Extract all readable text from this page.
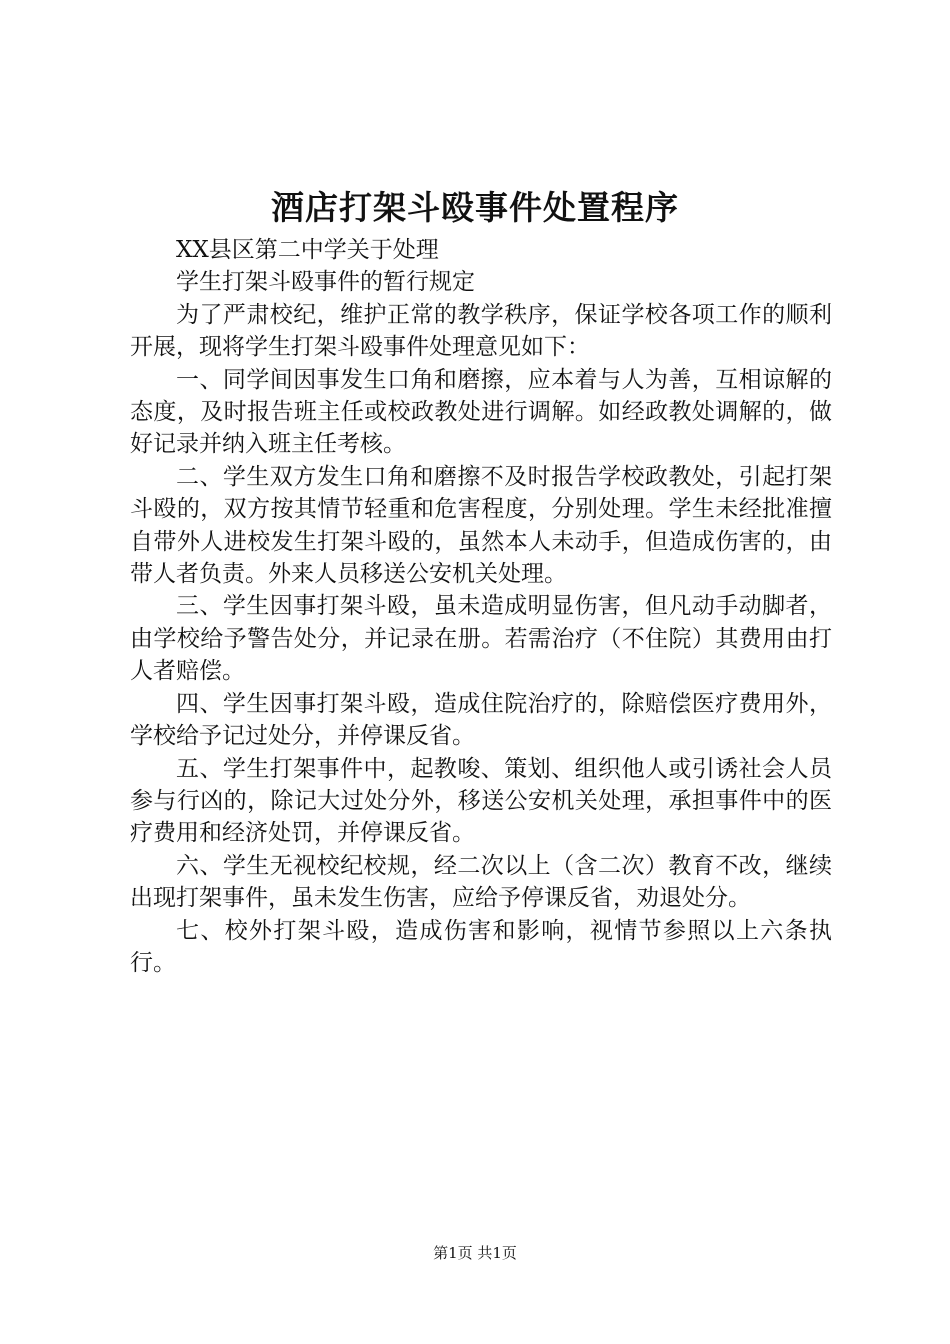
酒店打架斗殴事件处置程序

XX县区第二中学关于处理

学生打架斗殴事件的暂行规定

为了严肃校纪，维护正常的教学秩序，保证学校各项工作的顺利开展，现将学生打架斗殴事件处理意见如下：

一、同学间因事发生口角和磨擦，应本着与人为善，互相谅解的态度，及时报告班主任或校政教处进行调解。如经政教处调解的，做好记录并纳入班主任考核。

二、学生双方发生口角和磨擦不及时报告学校政教处，引起打架斗殴的，双方按其情节轻重和危害程度，分别处理。学生未经批准擅自带外人进校发生打架斗殴的，虽然本人未动手，但造成伤害的，由带人者负责。外来人员移送公安机关处理。

三、学生因事打架斗殴，虽未造成明显伤害，但凡动手动脚者，由学校给予警告处分，并记录在册。若需治疗（不住院）其费用由打人者赔偿。

四、学生因事打架斗殴，造成住院治疗的，除赔偿医疗费用外，学校给予记过处分，并停课反省。

五、学生打架事件中，起教唆、策划、组织他人或引诱社会人员参与行凶的，除记大过处分外，移送公安机关处理，承担事件中的医疗费用和经济处罚，并停课反省。

六、学生无视校纪校规，经二次以上（含二次）教育不改，继续出现打架事件，虽未发生伤害，应给予停课反省，劝退处分。

七、校外打架斗殴，造成伤害和影响，视情节参照以上六条执行。

第1页 共1页
